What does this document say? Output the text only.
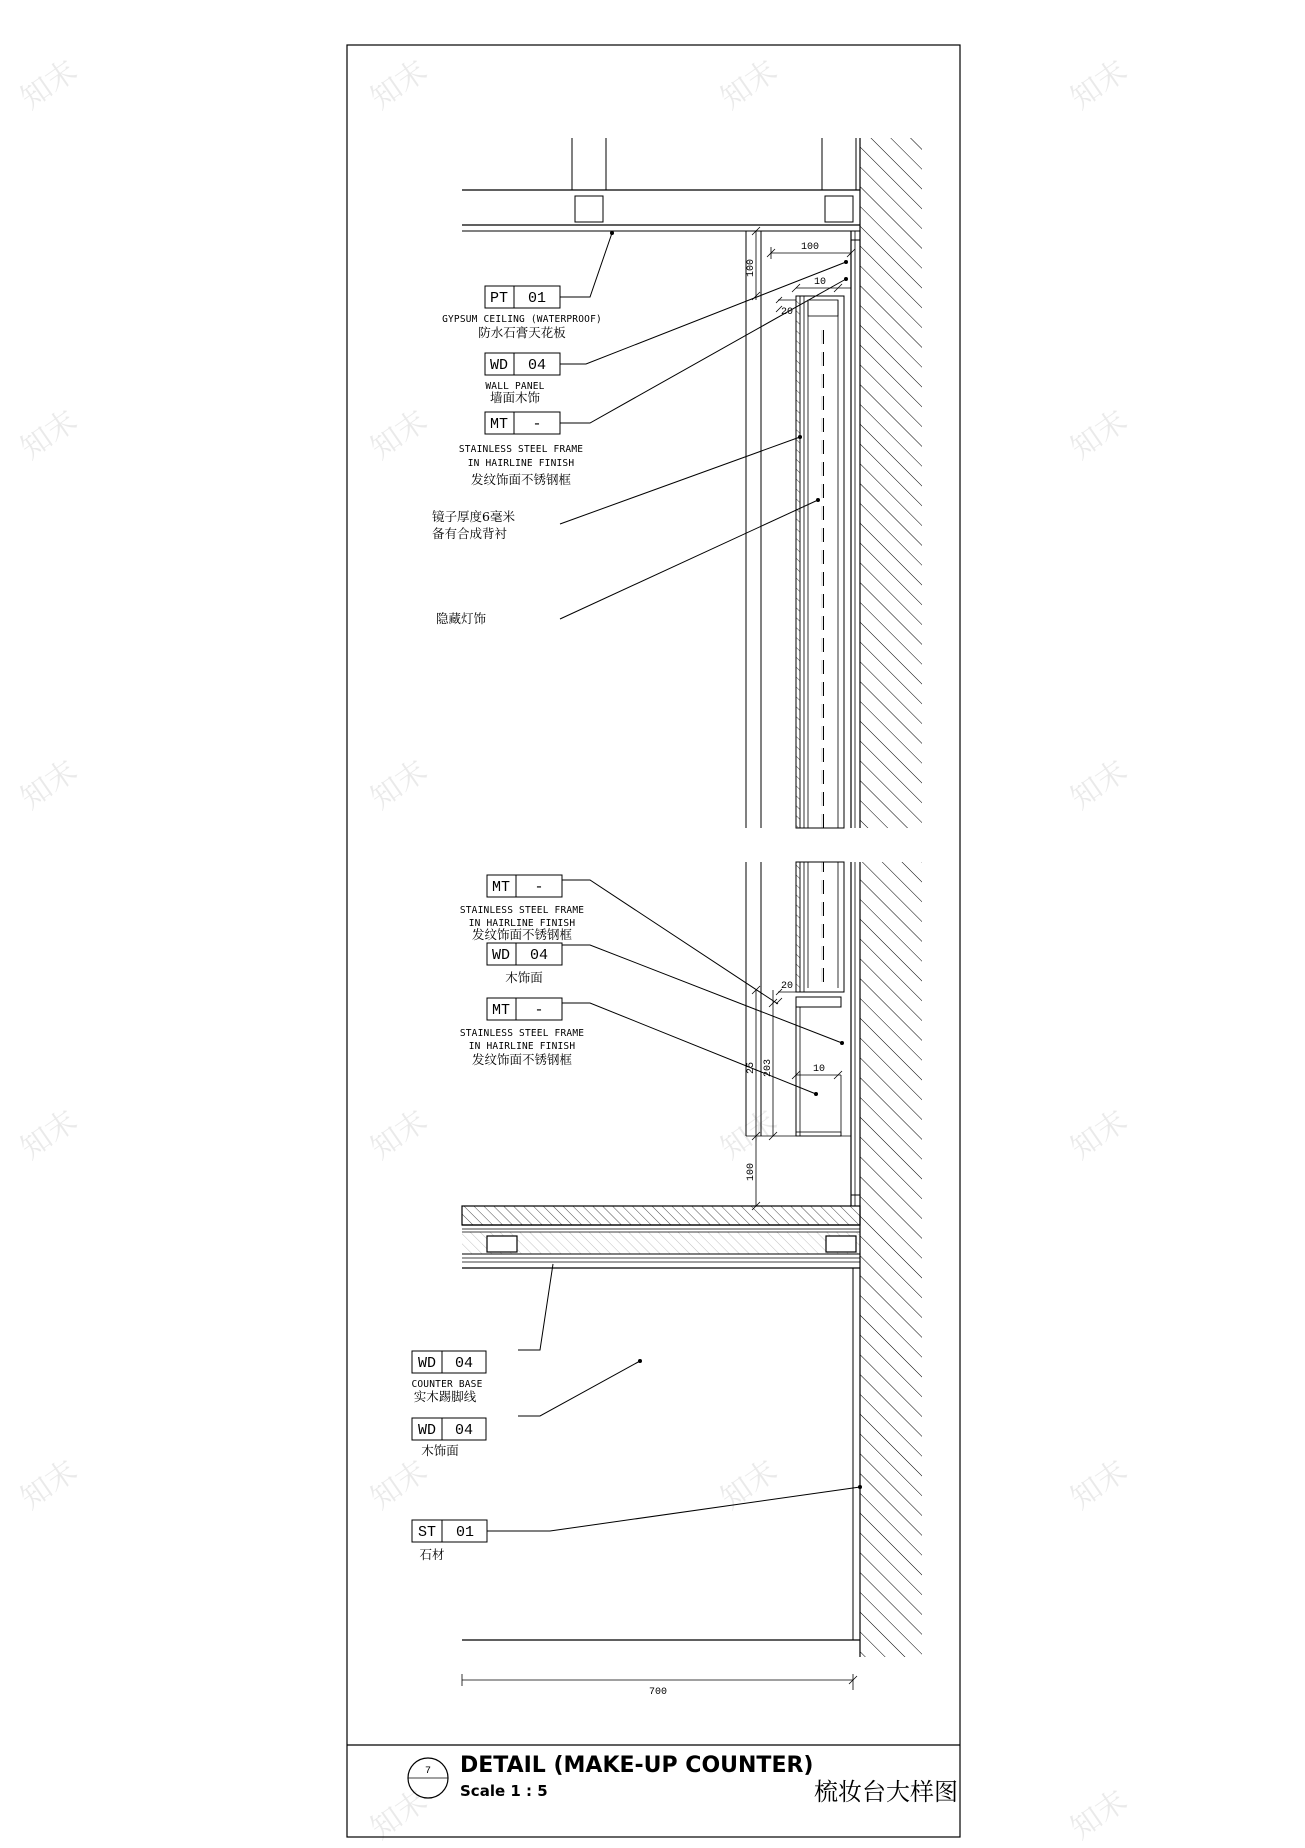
知末	知末	知末	知末
知末	知末	知末
知末	知末	知末
知末	知末	知末	知末
知末	知末	知末	知末
知末	知末
PT 01
GYPSUM CEILING (WATERPROOF)
防水石膏天花板
WD 04
WALL PANEL
墙面木饰
MT -
STAINLESS STEEL FRAME
IN HAIRLINE FINISH
发纹饰面不锈钢框
镜子厚度6毫米
备有合成背衬
隐藏灯饰
MT -
STAINLESS STEEL FRAME
IN HAIRLINE FINISH
发纹饰面不锈钢框
WD 04
木饰面
MT -
STAINLESS STEEL FRAME
IN HAIRLINE FINISH
发纹饰面不锈钢框
WD 04
COUNTER BASE
实木踢脚线
WD 04
木饰面
ST 01
石材
100
10
100
20
20
10
25 203
100
700
7 DETAIL (MAKE-UP COUNTER)
Scale 1 : 5	梳妆台大样图
